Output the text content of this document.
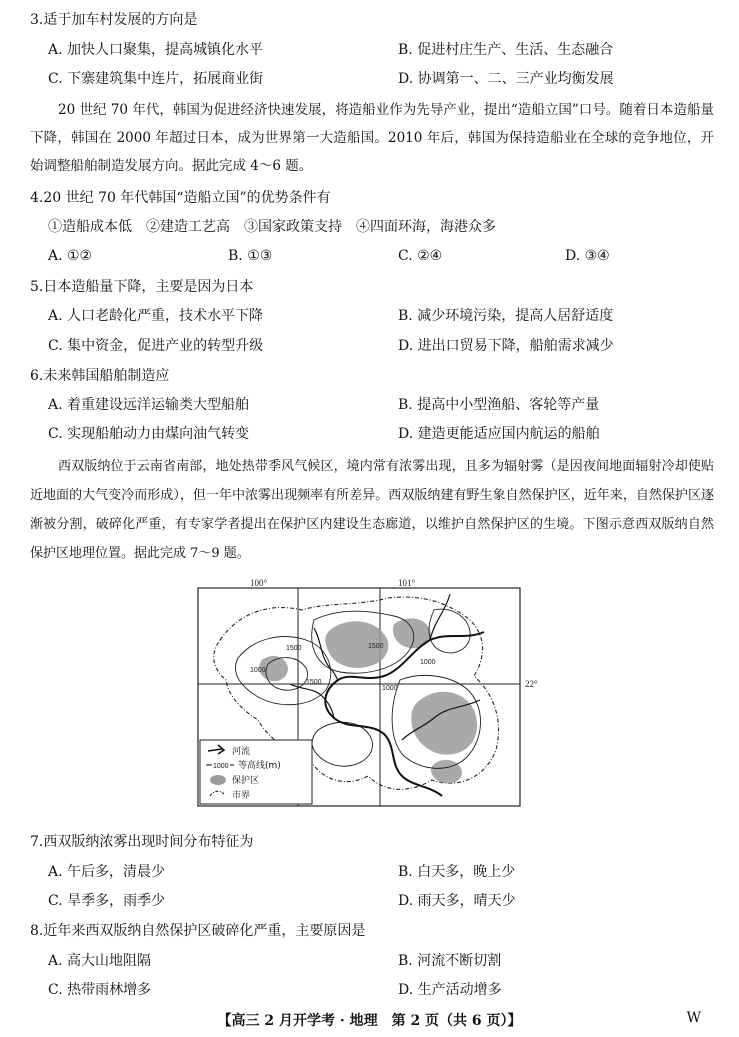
3.适于加车村发展的方向是
A. 加快人口聚集，提高城镇化水平	B. 促进村庄生产、生活、生态融合
C. 下寨建筑集中连片，拓展商业街	D. 协调第一、二、三产业均衡发展
20 世纪 70 年代，韩国为促进经济快速发展，将造船业作为先导产业，提出“造船立国”口号。随着日本造船量下降，韩国在 2000 年超过日本，成为世界第一大造船国。2010 年后，韩国为保持造船业在全球的竞争地位，开始调整船舶制造发展方向。据此完成 4～6 题。
4.20 世纪 70 年代韩国“造船立国”的优势条件有
①造船成本低　②建造工艺高　③国家政策支持　④四面环海，海港众多
A. ①②	B. ①③	C. ②④	D. ③④
5.日本造船量下降，主要是因为日本
A. 人口老龄化严重，技术水平下降	B. 减少环境污染，提高人居舒适度
C. 集中资金，促进产业的转型升级	D. 进出口贸易下降，船舶需求减少
6.未来韩国船舶制造应
A. 着重建设远洋运输类大型船舶	B. 提高中小型渔船、客轮等产量
C. 实现船舶动力由煤向油气转变	D. 建造更能适应国内航运的船舶
西双版纳位于云南省南部，地处热带季风气候区，境内常有浓雾出现，且多为辐射雾（是因夜间地面辐射冷却使贴近地面的大气变冷而形成），但一年中浓雾出现频率有所差异。西双版纳建有野生象自然保护区，近年来，自然保护区逐渐被分割，破碎化严重，有专家学者提出在保护区内建设生态廊道，以维护自然保护区的生境。下图示意西双版纳自然保护区地理位置。据此完成 7～9 题。
100°	101°
22°
1000
1500
1500
1500
1000
1000
河流
1000 等高线(m)
保护区
市界
7.西双版纳浓雾出现时间分布特征为
A. 午后多，清晨少	B. 白天多，晚上少
C. 旱季多，雨季少	D. 雨天多，晴天少
8.近年来西双版纳自然保护区破碎化严重，主要原因是
A. 高大山地阻隔	B. 河流不断切割
C. 热带雨林增多	D. 生产活动增多
【高三 2 月开学考 · 地理　第 2 页（共 6 页）】	W
